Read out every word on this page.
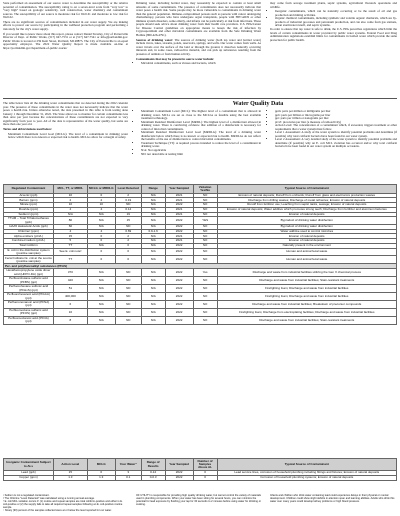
State performed an assessment of our source water to determine the susceptibility or the relative potential of contamination. The susceptibility rating is on a seven-level scale from "very low" to "very high" based on geologic sensitivity, well construction, water chemistry and contaminant sources. The susceptibility of our source is moderate risk for Well #1 and moderate to low risk for Well #2.

There are no significant sources of contamination included in our water supply. We are making efforts to protect our source by participating in the wellhead protection program and performing a risk study for the city's water supply.

If you would like to know more about this report, please contact Daniel Strazley, City of Portersville Director of Dept. of Public Works, (517) 647-7531 or at (517) 647-7541 or info@portlandmi.gov. Public Works is located at 259 Kent Street, Portland, MI 48875. The City of Portersville is an equal opportunity employer. The 2022 Water Quality Report is made available on-line at https://portlandmi.gov/department-of-public-works/

Drinking water, including bottled water, may reasonably be expected to contain at least small amounts of some contaminants. The presence of contaminants does not necessarily indicate that water poses a health risk. Some people may be more vulnerable to contaminants in drinking water than the general population. Immuno-compromised persons such as persons with cancer undergoing chemotherapy, persons who have undergone organ transplants, people with HIV/AIDS or other immune system disorders, some elderly, and infants can be particularly at risk from infections. These people should seek advice about drinking water from their health care providers. U.S. EPA/Center for Disease Control guidelines on appropriate means to lessen the risk of infection by Cryptosporidium and other microbial contaminants are available from the Safe Drinking Water Hotline (800-426-4791).

Sources of drinking water: The sources of drinking water (both tap water and bottled water) include rivers, lakes, streams, ponds, reservoirs, springs, and wells. Our water comes from wells. As water travels over the surface of the land or through the ground, it dissolves naturally occurring minerals and, in some cases, radioactive material, and can pick up substances resulting from the presence of animals or from human activity.

Contaminants that may be present in source water include:

• Microbial contaminants, such as viruses and bacteria, which

may come from sewage treatment plants, septic systems, agricultural livestock operations and wildlife.

• Inorganic contaminants, which can be naturally occurring or be the result of oil and gas production and mining activities.
• Organic chemical contaminants, including synthetic and volatile organic chemicals, which are by-products of industrial processes and petroleum production, and can also come from gas stations, urban stormwater runoff, and septic systems.

In order to ensure that tap water is safe to drink, the U.S. EPA prescribes regulations which limit the levels of certain contaminants in water provided by public water systems. Federal Food and Drug Administration regulations establish limits for contaminants in bottled water which provide the same protection for public health.

Water Quality Data

The table below lists all the drinking water contaminants that we detected during the 2022 calendar year. The presence of these contaminants in the water does not necessarily indicate that the water poses a health risk. Unless otherwise noted, the data presented in this table is from testing done January 1 through December 31, 2022. The State allows us to monitor for certain contaminants less than once per year because the concentrations of these contaminants are not expected to vary significantly from year to year. All of the data is representative of the water quality, but some are more than one year old.

Terms and abbreviations used below:

• Maximum Contaminant Level Goal (MCLG): The level of a contaminant in drinking water below which there is no known or expected risk to health. MCLGs allow for a margin of safety.
• Maximum Contaminant Level (MCL): The highest level of a contaminant that is allowed in drinking water. MCLs are set as close to the MCLGs as feasible using the best available treatment technology.
• Maximum Residual Disinfectant Level (MRDL): The highest level of a disinfectant allowed in drinking water. There is convincing evidence that addition of a disinfectant is necessary for control of microbial contaminants.
• Maximum Residual Disinfectant Level Goal (MRDLG): The level of a drinking water disinfectant below which there is no known or expected risk to health. MRDLGs do not reflect the benefits of the use of disinfectants to control microbial contaminants.
• Treatment Technique (TT): A required process intended to reduce the level of a contaminant in drinking water.
• N/A: Not applicable
• ND: not detectable at testing limit
• ppm: parts per million or milligrams per liter
• ppb: parts per billion or micrograms per liter
• ppt: parts per trillion or nanograms per liter
• pCi/l: picocuries per liter (a measure of radioactivity)
• Action Level: The concentration of a contaminant which, if exceeded, triggers treatment or other requirements that a water system must follow.
• Level 1 Assessment: A study of the water system to identify potential problems and determine (if possible) why total coliform bacteria have been found in our water system.
• Level 2 Assessment: A very detailed study of the water system to identify potential problems and determine (if possible) why an E. coli MCL violation has occurred and/or why total coliform bacteria have been found in our water system on multiple occasions.
Regulated Contaminant	MCL, TT, or MRDL	MCLG or MRDLG	Level Detected	Range	Year Sampled	Violation Yes/No	Typical Source of Contaminant
Arsenic (ppb)	10	0	2	N/A	2021	NO	Erosion of natural deposits; Runoff from orchards; Runoff from glass and electronics production wastes
Barium (ppm)	2	2	0.19	N/A	2021	NO	Discharge from drilling wastes; Discharge of metal refineries; Erosion of natural deposits
Nitrate (ppm)	10	10	ND	N/A	2022	NO	Runoff from fertilizer use; Leaching from septic tanks, sewage; Erosion of natural deposits
Fluoride (ppm)	4	4	0.14	N/A	2021	NO	Erosion of natural deposits; Water additive which promotes strong teeth; Discharge from fertilizer and aluminum factories
Sodium¹ (ppm)	N/A	N/A	19	N/A	2021	NO	Erosion of natural deposits
TTHM – Total Trihalomethanes (ppb)	80	N/A	15	N/A	2022	YES	Byproduct of drinking water disinfection
HAA5 Haloacetic Acids (ppb)	60	N/A	ND	N/A	2022	NO	Byproduct of drinking water disinfection
Chlorine² (ppm)	4	4	0.69	0.9-1.6	2022	NO	Water additive used to control microbes
Alpha emitters (pCi/L)	15	0	2	N/A	2021	NO	Erosion of natural deposits
Combined radium (pCi/L)	5	0	2	N/A	2021	NO	Erosion of natural deposits
Total Coliform	TT	N/A	0	N/A	2022	NO	Naturally present in the environment
E. coli in the distribution system (positive samples)	See E. coli note³	0	0	N/A	2022	NO	Human and animal fecal waste
Fecal Indicator E. coli at the source (positive samples)	TT	0	0	N/A	2022	NO	Human and animal fecal waste
Per- and polyfluoroalkyl substances (PFAS)							
Hexafluoropropylene oxide dimer acid (HFPO-DA) (ppt)	370	N/A	ND	N/A	2022	Yes	Discharge and waste from industrial facilities utilizing the Gen X chemical process
Perfluorobutane sulfonic acid (PFBS) (ppt)	420	N/A	ND	N/A	2022	NO	Discharge and waste from industrial facilities; Stain-resistant treatments
Perfluorohexane sulfonic acid (PFHxS) (ppt)	51	N/A	ND	N/A	2022	NO	Firefighting foam; Discharge and waste from industrial facilities
Perfluorohexanoic acid (PFHxA) (ppt)	400,000	N/A	ND	N/A	2022	NO	Firefighting foam; Discharge and waste from industrial facilities
Perfluorononanoic acid (PFNA) (ppt)	6	N/A	ND	N/A	2022	NO	Discharge and waste from industrial facilities; Breakdown of precursor compounds
Perfluorooctane sulfonic acid (PFOS) (ppt)	16	N/A	ND	N/A	2022	NO	Firefighting foam; Discharge from electroplating facilities; Discharge and waste from industrial facilities
Perfluorooctanoic acid (PFOA) (ppt)	8	N/A	ND	N/A	2022	NO	Discharge and waste from industrial facilities; Stain-resistant treatments
Inorganic Contaminant Subject to ALs	Action Level	MCLG	Your Water⁴	Range of Results	Year Sampled	Number of Samples Above AL	Typical Source of Contaminant
Lead (ppb)	15	0	3	0-12	2022	0	Lead service lines, corrosion of household plumbing including fittings and fixtures; Erosion of natural deposits
Copper (ppm)	1.3	1.3	0.1	0-0.3	2022	0	Corrosion of household plumbing systems; Erosion of natural deposits
¹ Sodium is not a regulated contaminant.
² The Chlorine "Level Detected" was calculated using a running annual average.
³ E. coli MCL violation occurs if: (1) routine and repeat samples are total coliform-positive and either is E. coli-positive or (2) the supply fails to take all required repeat samples following an E. coli-positive routine sample.
⁴ Ninety (90) percent of the samples collected were at or below the level reported for our water.
OF UTILITY is responsible for providing high quality drinking water, but cannot control the variety of materials used in plumbing components. When your water has been sitting for several hours, you can minimize the potential for lead exposure by flushing your tap for 30 seconds to 2 minutes before using water for drinking or cooking.
Infants and children who drink water containing lead could experience delays in their physical or mental development. Children could show slight deficits in attention span and learning abilities. Adults who drink this water over many years could develop kidney problems or high blood pressure.
